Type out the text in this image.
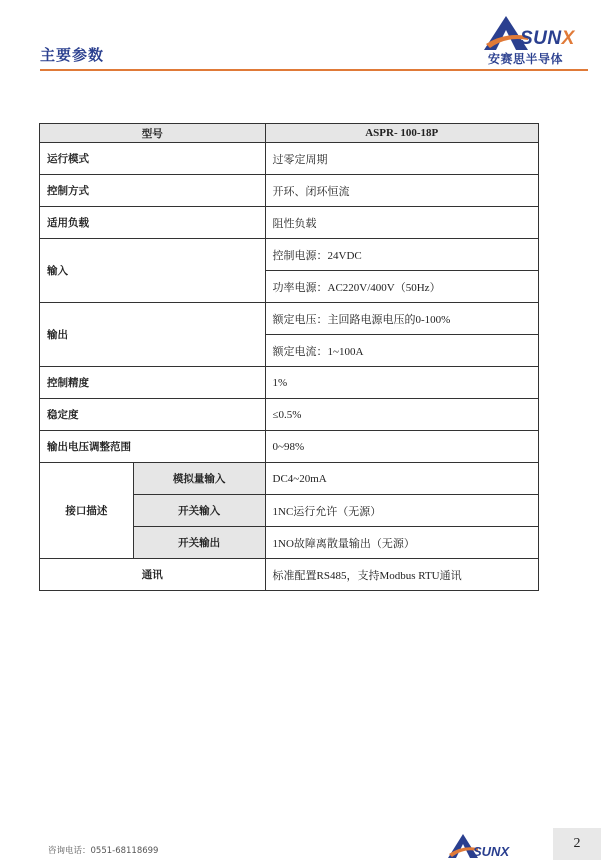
主要参数
SUNX
安赛思半导体
型号		ASPR- 100-18P
运行模式		过零定周期
控制方式		开环、闭环恒流
适用负载		阻性负载
输入		控制电源：24VDC
		功率电源：AC220V/400V（50Hz）
输出		额定电压：主回路电源电压的0-100%
		额定电流：1~100A
控制精度		1%
稳定度		≤0.5%
输出电压调整范围		0~98%
接口描述	模拟量输入	DC4~20mA
	开关输入	1NC运行允许（无源）
	开关输出	1NO故障离散量输出（无源）
通讯		标准配置RS485，支持Modbus RTU通讯
咨询电话：0551-68118699	SUNX
2
